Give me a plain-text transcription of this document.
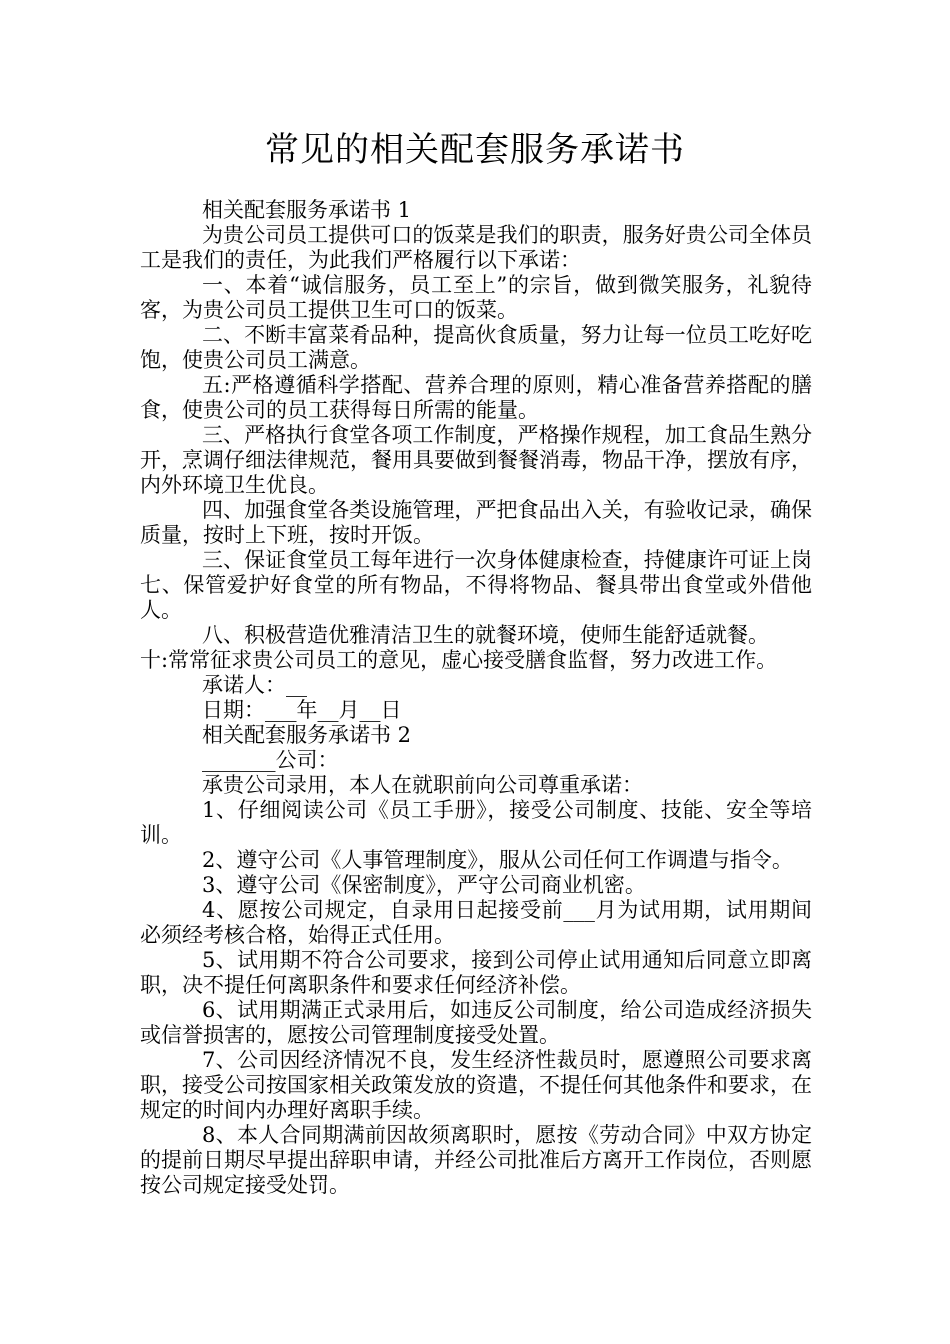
常见的相关配套服务承诺书

相关配套服务承诺书 1

为贵公司员工提供可口的饭菜是我们的职责，服务好贵公司全体员工是我们的责任，为此我们严格履行以下承诺：

一、本着“诚信服务，员工至上”的宗旨，做到微笑服务，礼貌待客，为贵公司员工提供卫生可口的饭菜。

二、不断丰富菜肴品种，提高伙食质量，努力让每一位员工吃好吃饱，使贵公司员工满意。

五:严格遵循科学搭配、营养合理的原则，精心准备营养搭配的膳食，使贵公司的员工获得每日所需的能量。

三、严格执行食堂各项工作制度，严格操作规程，加工食品生熟分开，烹调仔细法律规范，餐用具要做到餐餐消毒，物品干净，摆放有序，内外环境卫生优良。

四、加强食堂各类设施管理，严把食品出入关，有验收记录，确保质量，按时上下班，按时开饭。

三、保证食堂员工每年进行一次身体健康检查，持健康许可证上岗七、保管爱护好食堂的所有物品，不得将物品、餐具带出食堂或外借他人。

八、积极营造优雅清洁卫生的就餐环境，使师生能舒适就餐。

十:常常征求贵公司员工的意见，虚心接受膳食监督，努力改进工作。

承诺人：__

日期：___年__月__日

相关配套服务承诺书 2

_______公司：

承贵公司录用，本人在就职前向公司尊重承诺：

1、仔细阅读公司《员工手册》，接受公司制度、技能、安全等培训。

2、遵守公司《人事管理制度》，服从公司任何工作调遣与指令。

3、遵守公司《保密制度》，严守公司商业机密。

4、愿按公司规定，自录用日起接受前___月为试用期，试用期间必须经考核合格，始得正式任用。

5、试用期不符合公司要求，接到公司停止试用通知后同意立即离职，决不提任何离职条件和要求任何经济补偿。

6、试用期满正式录用后，如违反公司制度，给公司造成经济损失或信誉损害的，愿按公司管理制度接受处置。

7、公司因经济情况不良，发生经济性裁员时，愿遵照公司要求离职，接受公司按国家相关政策发放的资遣，不提任何其他条件和要求，在规定的时间内办理好离职手续。

8、本人合同期满前因故须离职时，愿按《劳动合同》中双方协定的提前日期尽早提出辞职申请，并经公司批准后方离开工作岗位，否则愿按公司规定接受处罚。
